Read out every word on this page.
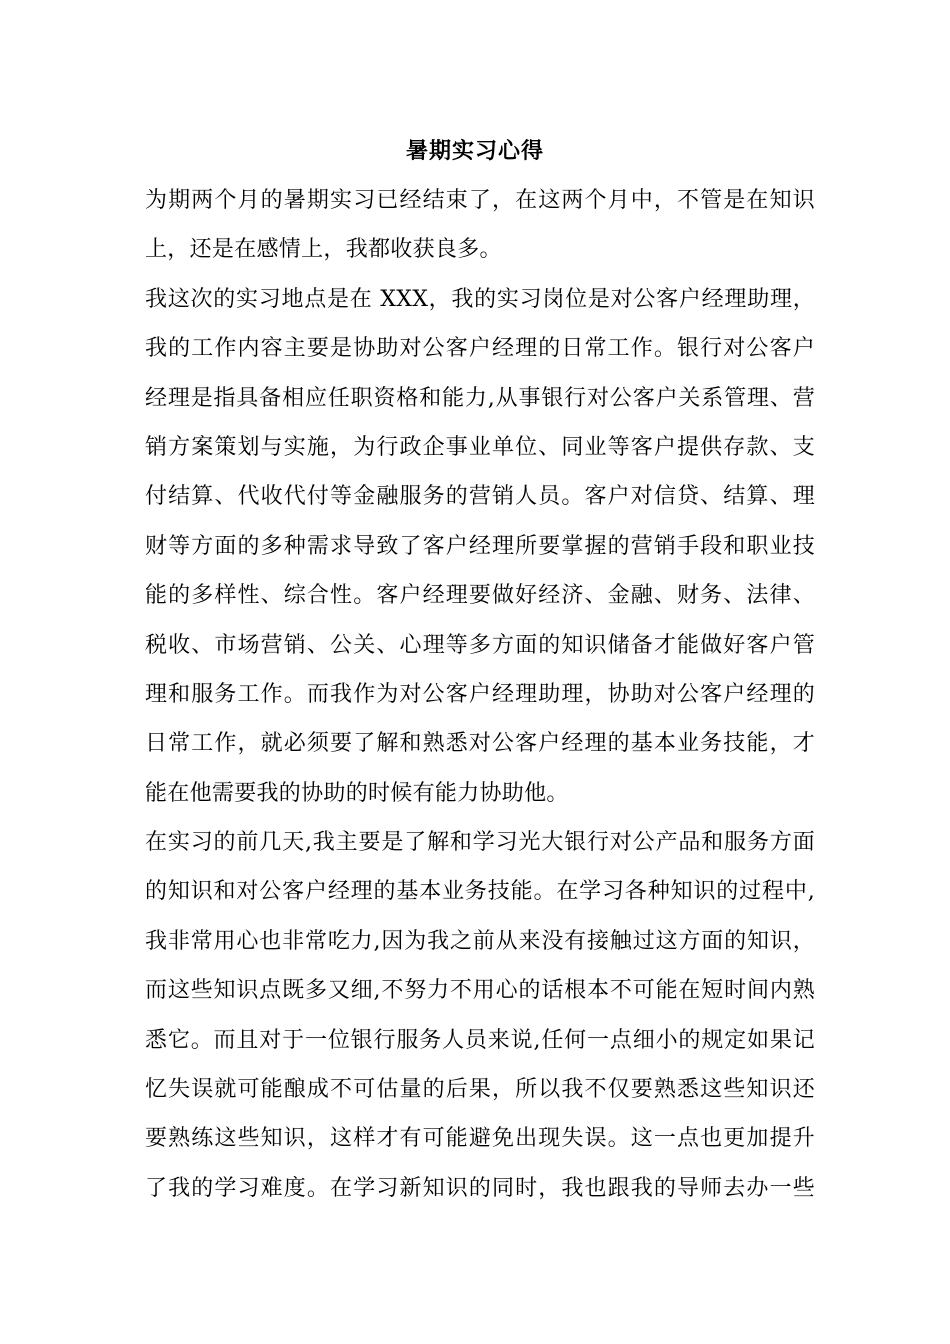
暑期实习心得
为期两个月的暑期实习已经结束了，在这两个月中，不管是在知识
上，还是在感情上，我都收获良多。
我这次的实习地点是在 XXX，我的实习岗位是对公客户经理助理，
我的工作内容主要是协助对公客户经理的日常工作。银行对公客户
经理是指具备相应任职资格和能力,从事银行对公客户关系管理、营
销方案策划与实施，为行政企事业单位、同业等客户提供存款、支
付结算、代收代付等金融服务的营销人员。客户对信贷、结算、理
财等方面的多种需求导致了客户经理所要掌握的营销手段和职业技
能的多样性、综合性。客户经理要做好经济、金融、财务、法律、
税收、市场营销、公关、心理等多方面的知识储备才能做好客户管
理和服务工作。而我作为对公客户经理助理，协助对公客户经理的
日常工作，就必须要了解和熟悉对公客户经理的基本业务技能，才
能在他需要我的协助的时候有能力协助他。
在实习的前几天,我主要是了解和学习光大银行对公产品和服务方面
的知识和对公客户经理的基本业务技能。在学习各种知识的过程中,
我非常用心也非常吃力,因为我之前从来没有接触过这方面的知识，
而这些知识点既多又细,不努力不用心的话根本不可能在短时间内熟
悉它。而且对于一位银行服务人员来说,任何一点细小的规定如果记
忆失误就可能酿成不可估量的后果，所以我不仅要熟悉这些知识还
要熟练这些知识，这样才有可能避免出现失误。这一点也更加提升
了我的学习难度。在学习新知识的同时，我也跟我的导师去办一些
